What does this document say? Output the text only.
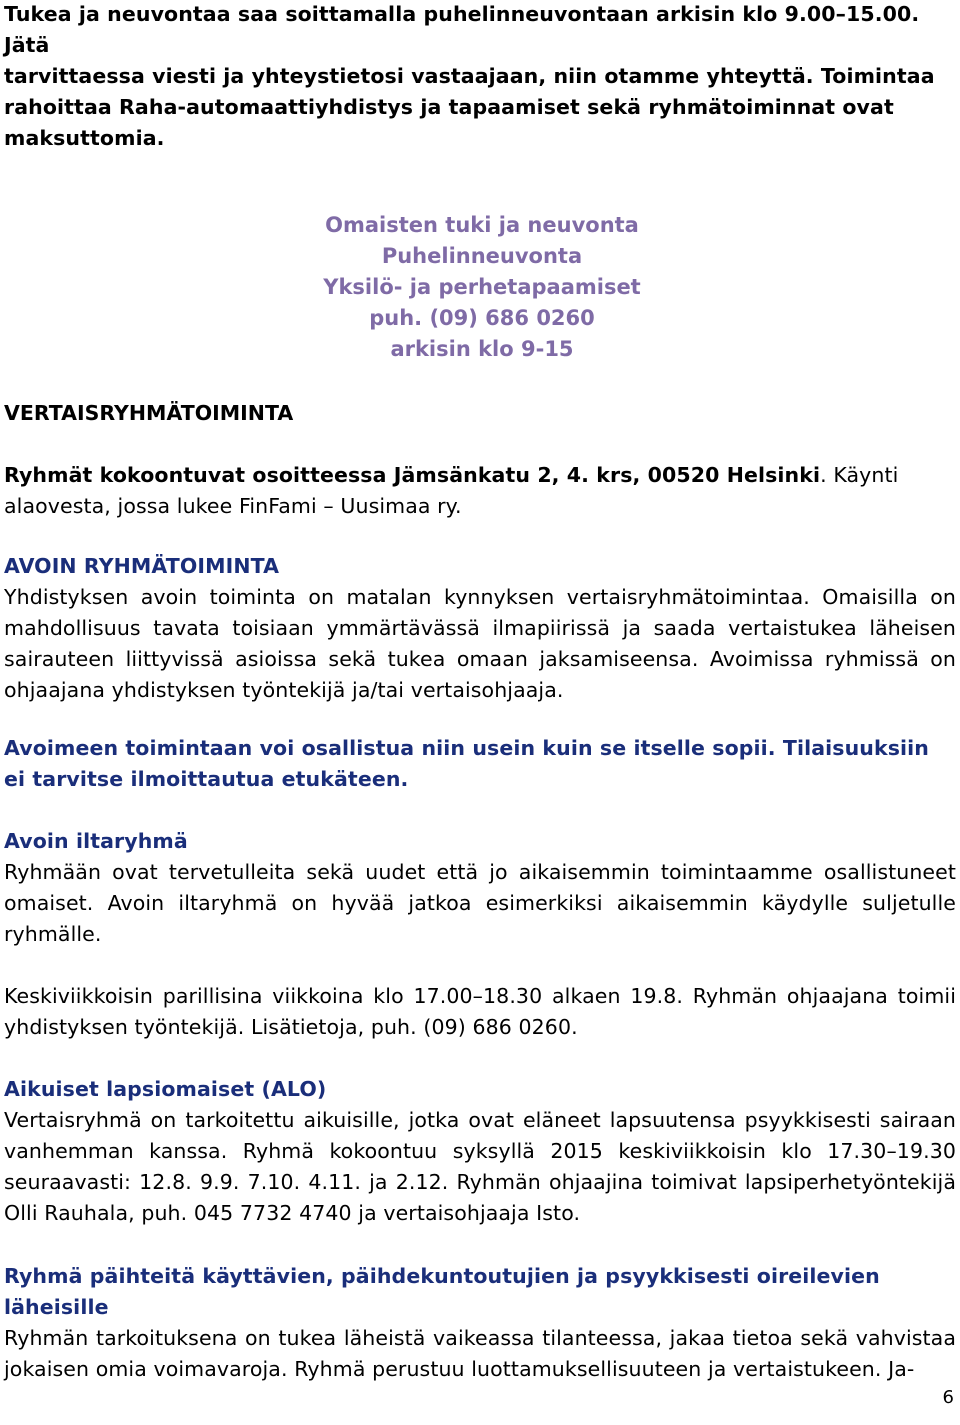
Tukea ja neuvontaa saa soittamalla puhelinneuvontaan arkisin klo 9.00–15.00. Jätä

tarvittaessa viesti ja yhteystietosi vastaajaan, niin otamme yhteyttä. Toimintaa

rahoittaa Raha-automaattiyhdistys ja tapaamiset sekä ryhmätoiminnat ovat

maksuttomia.

Omaisten tuki ja neuvonta
Puhelinneuvonta
Yksilö- ja perhetapaamiset
puh. (09) 686 0260
arkisin klo 9-15
VERTAISRYHMÄTOIMINTA

Ryhmät kokoontuvat osoitteessa Jämsänkatu 2, 4. krs, 00520 Helsinki. Käynti alaovesta, jossa lukee FinFami – Uusimaa ry.

AVOIN RYHMÄTOIMINTA

Yhdistyksen avoin toiminta on matalan kynnyksen vertaisryhmätoimintaa. Omaisilla on mahdollisuus tavata toisiaan ymmärtävässä ilmapiirissä ja saada vertaistukea läheisen sairauteen liittyvissä asioissa sekä tukea omaan jaksamiseensa. Avoimissa ryhmissä on ohjaajana yhdistyksen työntekijä ja/tai vertaisohjaaja.

Avoimeen toimintaan voi osallistua niin usein kuin se itselle sopii. Tilaisuuksiin ei tarvitse ilmoittautua etukäteen.

Avoin iltaryhmä

Ryhmään ovat tervetulleita sekä uudet että jo aikaisemmin toimintaamme osallistuneet omaiset. Avoin iltaryhmä on hyvää jatkoa esimerkiksi aikaisemmin käydylle suljetulle ryhmälle.

Keskiviikkoisin parillisina viikkoina klo 17.00–18.30 alkaen 19.8. Ryhmän ohjaajana toimii yhdistyksen työntekijä. Lisätietoja, puh. (09) 686 0260.

Aikuiset lapsiomaiset (ALO)

Vertaisryhmä on tarkoitettu aikuisille, jotka ovat eläneet lapsuutensa psyykkisesti sairaan vanhemman kanssa. Ryhmä kokoontuu syksyllä 2015 keskiviikkoisin klo 17.30–19.30 seuraavasti: 12.8. 9.9. 7.10. 4.11. ja 2.12. Ryhmän ohjaajina toimivat lapsiperhetyöntekijä Olli Rauhala, puh. 045 7732 4740 ja vertaisohjaaja Isto.

Ryhmä päihteitä käyttävien, päihdekuntoutujien ja psyykkisesti oireilevien läheisille

Ryhmän tarkoituksena on tukea läheistä vaikeassa tilanteessa, jakaa tietoa sekä vahvistaa jokaisen omia voimavaroja. Ryhmä perustuu luottamuksellisuuteen ja vertaistukeen. Ja-

6
